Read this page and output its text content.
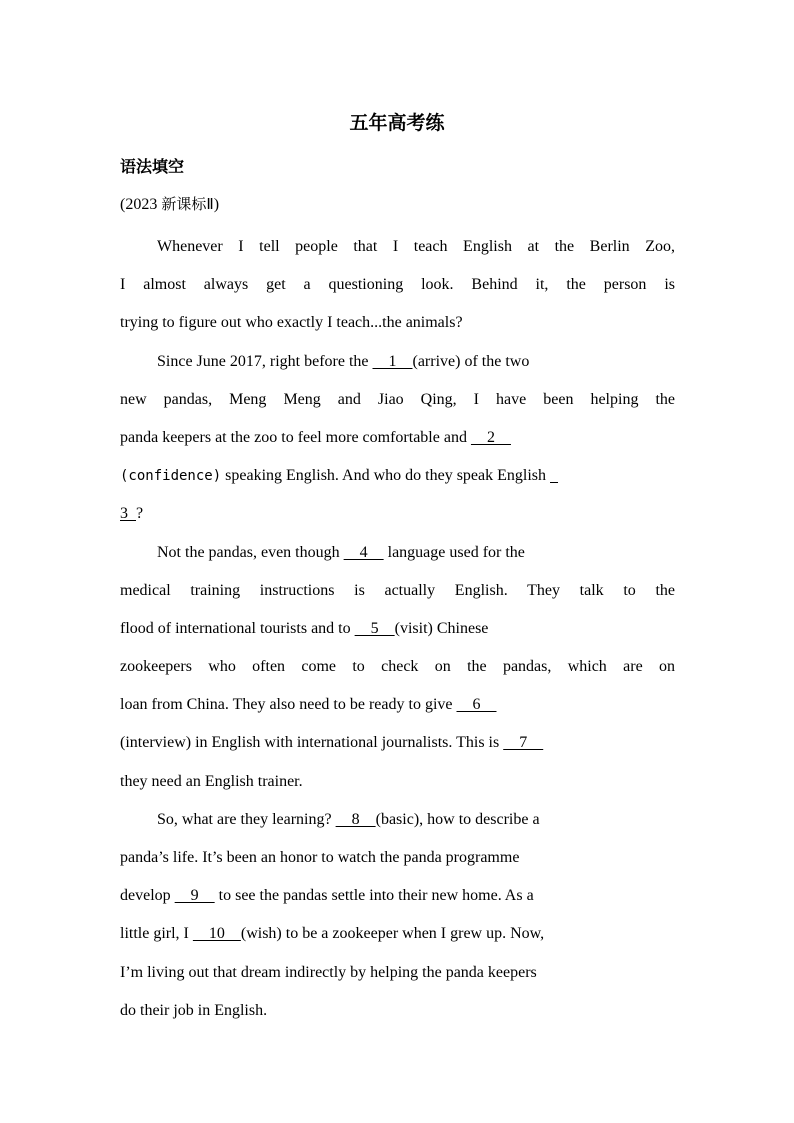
五年高考练
语法填空

(2023 新课标Ⅱ)

Whenever I tell people that I teach English at the Berlin Zoo,
I almost always get a questioning look. Behind it, the person is
trying to figure out who exactly I teach...the animals?
Since June 2017, right before the     1    (arrive) of the two
new pandas, Meng Meng and Jiao Qing, I have been helping the
panda keepers at the zoo to feel more comfortable and     2
(confidence) speaking English. And who do they speak English
3  ?
Not the pandas, even though     4     language used for the
medical training instructions is actually English. They talk to the
flood of international tourists and to     5    (visit) Chinese
zookeepers who often come to check on the pandas, which are on
loan from China. They also need to be ready to give     6
(interview) in English with international journalists. This is     7
they need an English trainer.
So, what are they learning?     8    (basic), how to describe a
panda’s life. It’s been an honor to watch the panda programme
develop     9     to see the pandas settle into their new home. As a
little girl, I     10    (wish) to be a zookeeper when I grew up. Now,
I’m living out that dream indirectly by helping the panda keepers
do their job in English.
